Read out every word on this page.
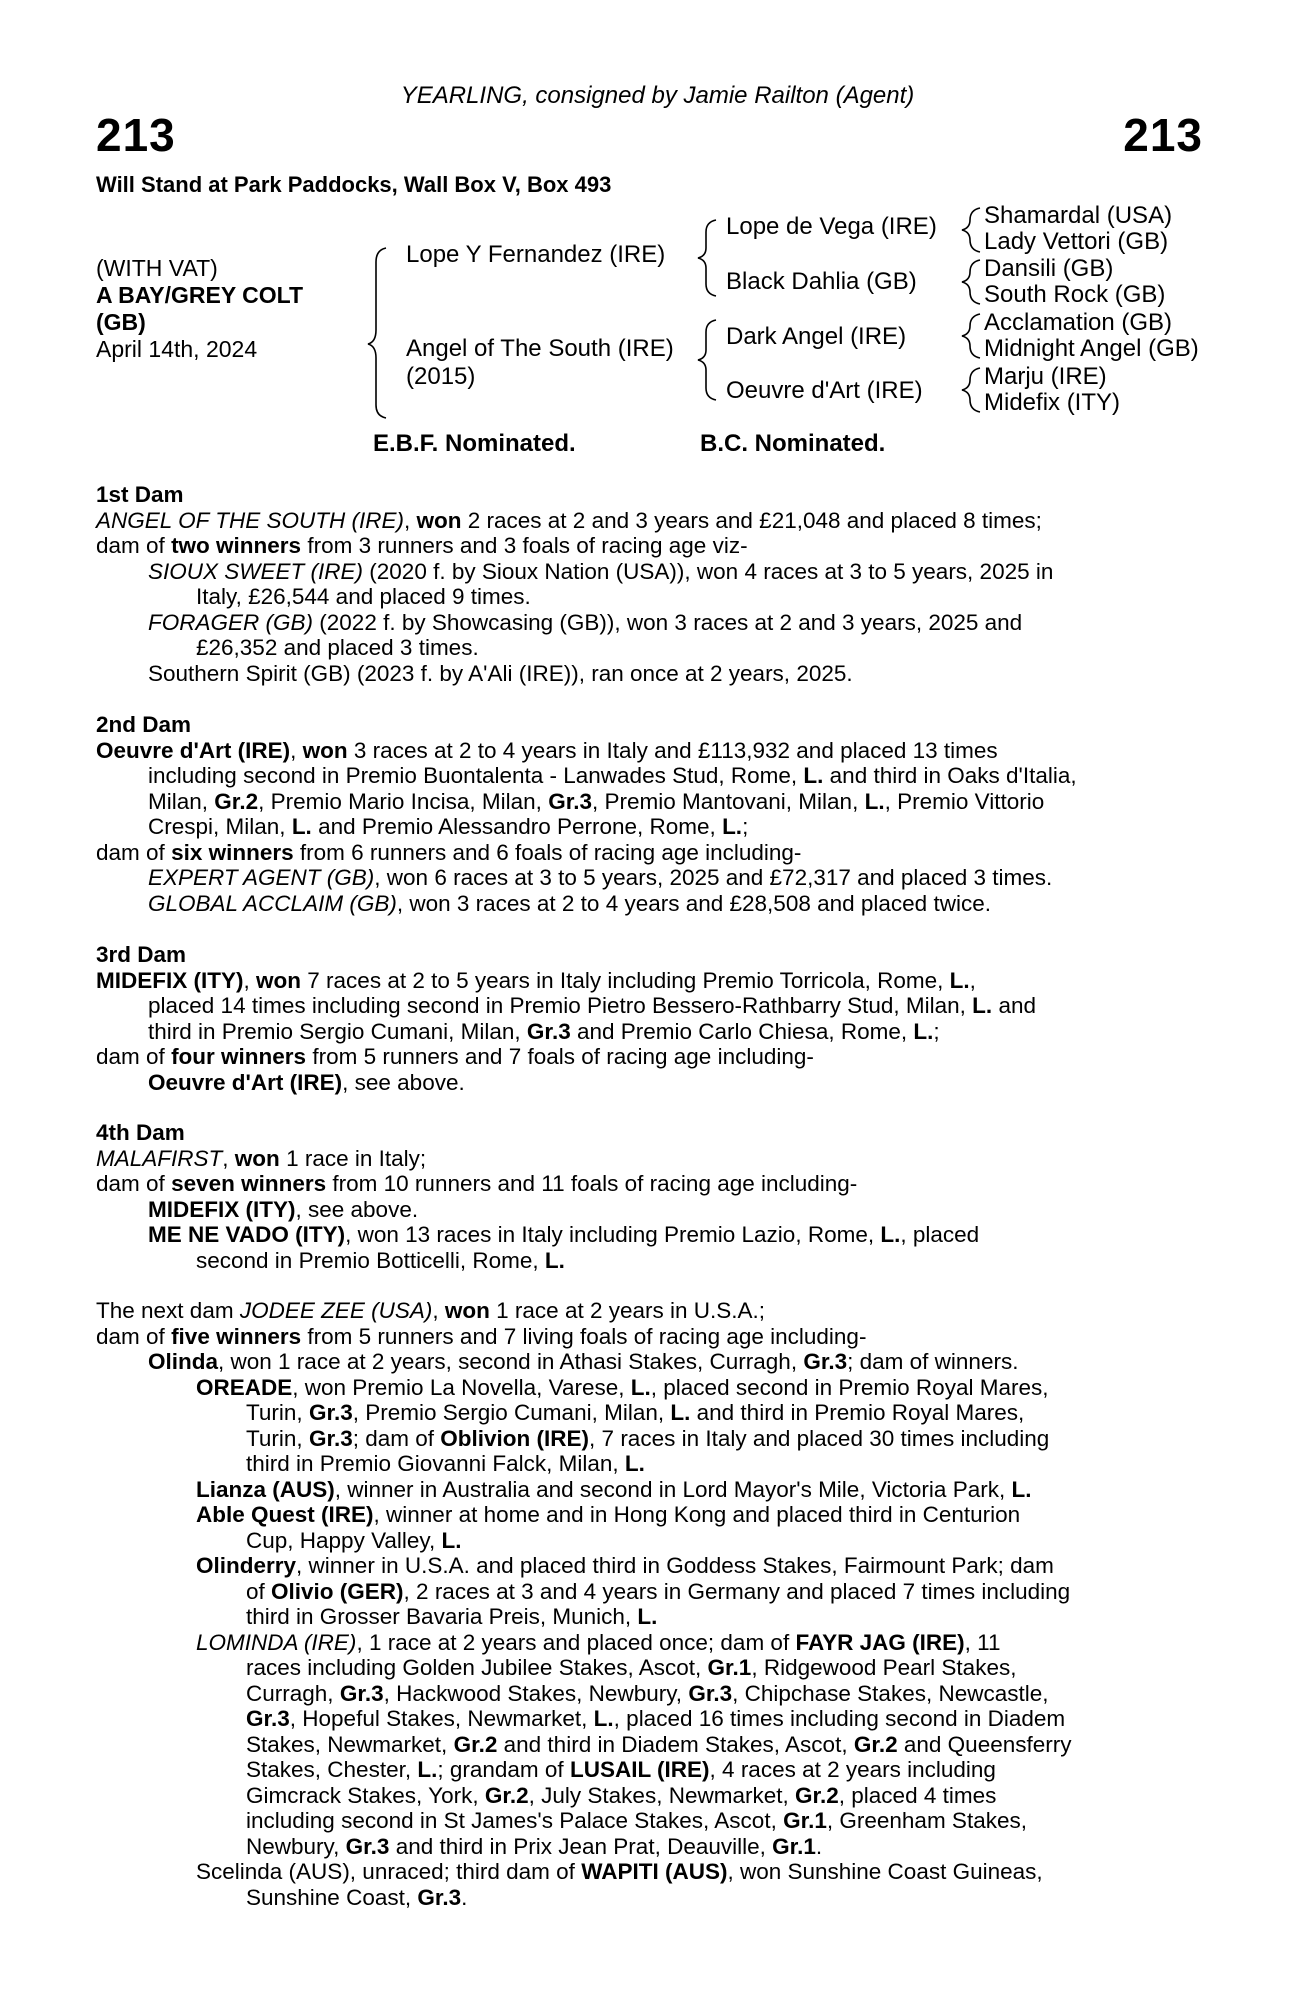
YEARLING, consigned by Jamie Railton (Agent)
213	213
Will Stand at Park Paddocks, Wall Box V, Box 493
(WITH VAT)
A BAY/GREY COLT
(GB)
April 14th, 2024
Lope Y Fernandez (IRE)
Angel of The South (IRE)
(2015)
Lope de Vega (IRE)
Black Dahlia (GB)
Dark Angel (IRE)
Oeuvre d'Art (IRE)
Shamardal (USA)
Lady Vettori (GB)
Dansili (GB)
South Rock (GB)
Acclamation (GB)
Midnight Angel (GB)
Marju (IRE)
Midefix (ITY)
E.B.F. Nominated.	B.C. Nominated.

1st Dam

ANGEL OF THE SOUTH (IRE), won 2 races at 2 and 3 years and £21,048 and placed 8 times;

dam of two winners from 3 runners and 3 foals of racing age viz-

SIOUX SWEET (IRE) (2020 f. by Sioux Nation (USA)), won 4 races at 3 to 5 years, 2025 in

Italy, £26,544 and placed 9 times.

FORAGER (GB) (2022 f. by Showcasing (GB)), won 3 races at 2 and 3 years, 2025 and

£26,352 and placed 3 times.

Southern Spirit (GB) (2023 f. by A'Ali (IRE)), ran once at 2 years, 2025.

2nd Dam

Oeuvre d'Art (IRE), won 3 races at 2 to 4 years in Italy and £113,932 and placed 13 times

including second in Premio Buontalenta - Lanwades Stud, Rome, L. and third in Oaks d'Italia,

Milan, Gr.2, Premio Mario Incisa, Milan, Gr.3, Premio Mantovani, Milan, L., Premio Vittorio

Crespi, Milan, L. and Premio Alessandro Perrone, Rome, L.;

dam of six winners from 6 runners and 6 foals of racing age including-

EXPERT AGENT (GB), won 6 races at 3 to 5 years, 2025 and £72,317 and placed 3 times.

GLOBAL ACCLAIM (GB), won 3 races at 2 to 4 years and £28,508 and placed twice.

3rd Dam

MIDEFIX (ITY), won 7 races at 2 to 5 years in Italy including Premio Torricola, Rome, L.,

placed 14 times including second in Premio Pietro Bessero-Rathbarry Stud, Milan, L. and

third in Premio Sergio Cumani, Milan, Gr.3 and Premio Carlo Chiesa, Rome, L.;

dam of four winners from 5 runners and 7 foals of racing age including-

Oeuvre d'Art (IRE), see above.

4th Dam

MALAFIRST, won 1 race in Italy;

dam of seven winners from 10 runners and 11 foals of racing age including-

MIDEFIX (ITY), see above.

ME NE VADO (ITY), won 13 races in Italy including Premio Lazio, Rome, L., placed

second in Premio Botticelli, Rome, L.

The next dam JODEE ZEE (USA), won 1 race at 2 years in U.S.A.;

dam of five winners from 5 runners and 7 living foals of racing age including-

Olinda, won 1 race at 2 years, second in Athasi Stakes, Curragh, Gr.3; dam of winners.

OREADE, won Premio La Novella, Varese, L., placed second in Premio Royal Mares,

Turin, Gr.3, Premio Sergio Cumani, Milan, L. and third in Premio Royal Mares,

Turin, Gr.3; dam of Oblivion (IRE), 7 races in Italy and placed 30 times including

third in Premio Giovanni Falck, Milan, L.

Lianza (AUS), winner in Australia and second in Lord Mayor's Mile, Victoria Park, L.

Able Quest (IRE), winner at home and in Hong Kong and placed third in Centurion

Cup, Happy Valley, L.

Olinderry, winner in U.S.A. and placed third in Goddess Stakes, Fairmount Park; dam

of Olivio (GER), 2 races at 3 and 4 years in Germany and placed 7 times including

third in Grosser Bavaria Preis, Munich, L.

LOMINDA (IRE), 1 race at 2 years and placed once; dam of FAYR JAG (IRE), 11

races including Golden Jubilee Stakes, Ascot, Gr.1, Ridgewood Pearl Stakes,

Curragh, Gr.3, Hackwood Stakes, Newbury, Gr.3, Chipchase Stakes, Newcastle,

Gr.3, Hopeful Stakes, Newmarket, L., placed 16 times including second in Diadem

Stakes, Newmarket, Gr.2 and third in Diadem Stakes, Ascot, Gr.2 and Queensferry

Stakes, Chester, L.; grandam of LUSAIL (IRE), 4 races at 2 years including

Gimcrack Stakes, York, Gr.2, July Stakes, Newmarket, Gr.2, placed 4 times

including second in St James's Palace Stakes, Ascot, Gr.1, Greenham Stakes,

Newbury, Gr.3 and third in Prix Jean Prat, Deauville, Gr.1.

Scelinda (AUS), unraced; third dam of WAPITI (AUS), won Sunshine Coast Guineas,

Sunshine Coast, Gr.3.
